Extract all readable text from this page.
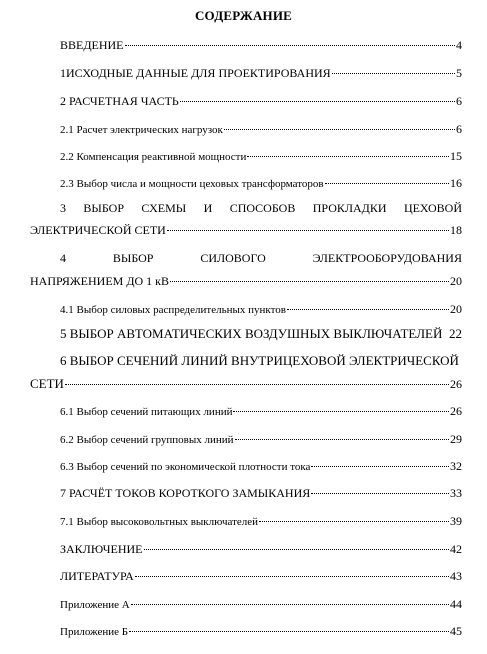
СОДЕРЖАНИЕ
ВВЕДЕНИЕ	4
1ИСХОДНЫЕ ДАННЫЕ ДЛЯ ПРОЕКТИРОВАНИЯ	5
2 РАСЧЕТНАЯ ЧАСТЬ	6
2.1 Расчет электрических нагрузок	6
2.2 Компенсация реактивной мощности	15
2.3 Выбор числа и мощности цеховых трансформаторов	16
3 ВЫБОР СХЕМЫ И СПОСОБОВ ПРОКЛАДКИ ЦЕХОВОЙ
ЭЛЕКТРИЧЕСКОЙ СЕТИ	18
4	ВЫБОР	СИЛОВОГО	ЭЛЕКТРООБОРУДОВАНИЯ
НАПРЯЖЕНИЕМ ДО 1 кВ	20
4.1 Выбор силовых распределительных пунктов	20
5 ВЫБОР АВТОМАТИЧЕСКИХ ВОЗДУШНЫХ ВЫКЛЮЧАТЕЛЕЙ 22
6 ВЫБОР СЕЧЕНИЙ ЛИНИЙ ВНУТРИЦЕХОВОЙ ЭЛЕКТРИЧЕСКОЙ
СЕТИ	26
6.1 Выбор сечений питающих линий	26
6.2 Выбор сечений групповых линий	29
6.3 Выбор сечений по экономической плотности тока	32
7 РАСЧЁТ ТОКОВ КОРОТКОГО ЗАМЫКАНИЯ	33
7.1 Выбор высоковольтных выключателей	39
ЗАКЛЮЧЕНИЕ	42
ЛИТЕРАТУРА	43
Приложение А	44
Приложение Б	45
